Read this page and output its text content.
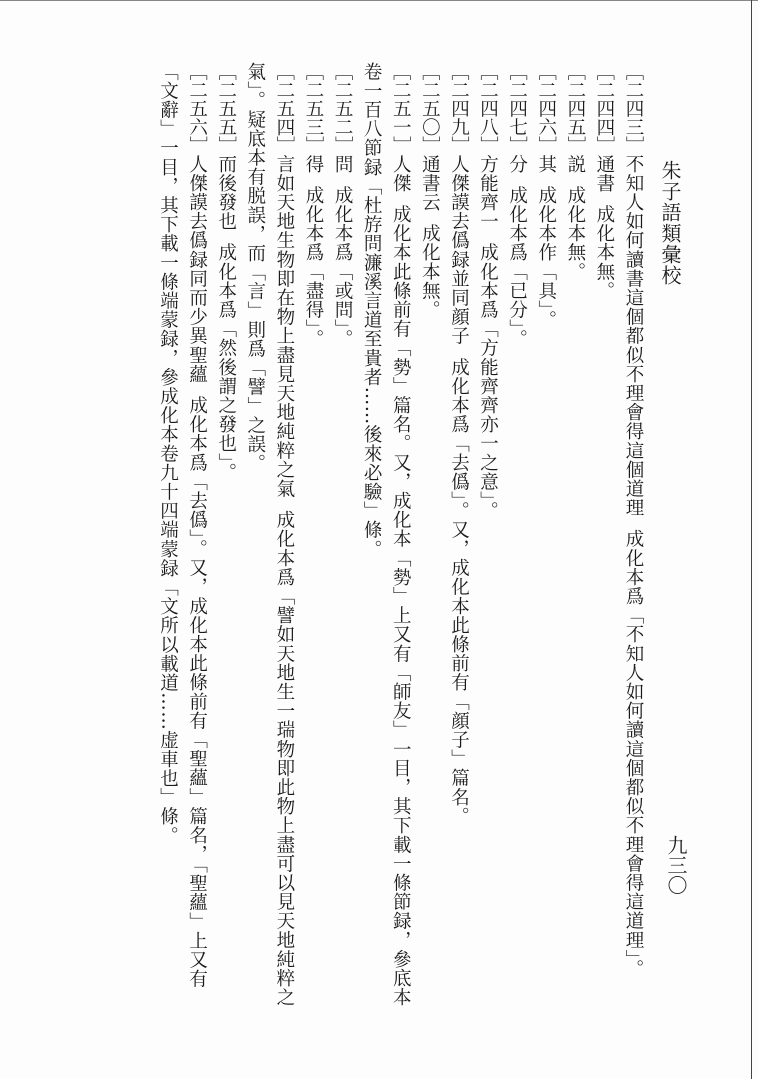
朱子語類彙校
九三〇

［二四三］不知人如何讀書這個都似不理會得這個道理成化本爲「不知人如何讀這個都似不理會得這道理」。

［二四四］通書成化本無。

［二四五］説成化本無。

［二四六］其成化本作「具」。

［二四七］分成化本爲「已分」。

［二四八］方能齊一成化本爲「方能齊齊亦一之意」。

［二四九］人傑謨去僞録並同顔子成化本爲「去僞」。又，成化本此條前有「顔子」篇名。

［二五〇］通書云成化本無。

［二五一］人傑成化本此條前有「勢」篇名。又，成化本「勢」上又有「師友」一目，其下載一條節録，參底本卷一百八節録「杜斿問濂溪言道至貴者……後來必驗」條。

［二五二］問成化本爲「或問」。

［二五三］得成化本爲「盡得」。

［二五四］言如天地生物即在物上盡見天地純粹之氣成化本爲「譬如天地生一瑞物即此物上盡可以見天地純粹之氣」。疑底本有脱誤，而「言」則爲「譬」之誤。

［二五五］而後發也成化本爲「然後謂之發也」。

［二五六］人傑謨去僞録同而少異聖蘊成化本爲「去僞」。又，成化本此條前有「聖蘊」篇名，「聖蘊」上又有「文辭」一目，其下載一條端蒙録，參成化本卷九十四端蒙録「文所以載道……虚車也」條。
